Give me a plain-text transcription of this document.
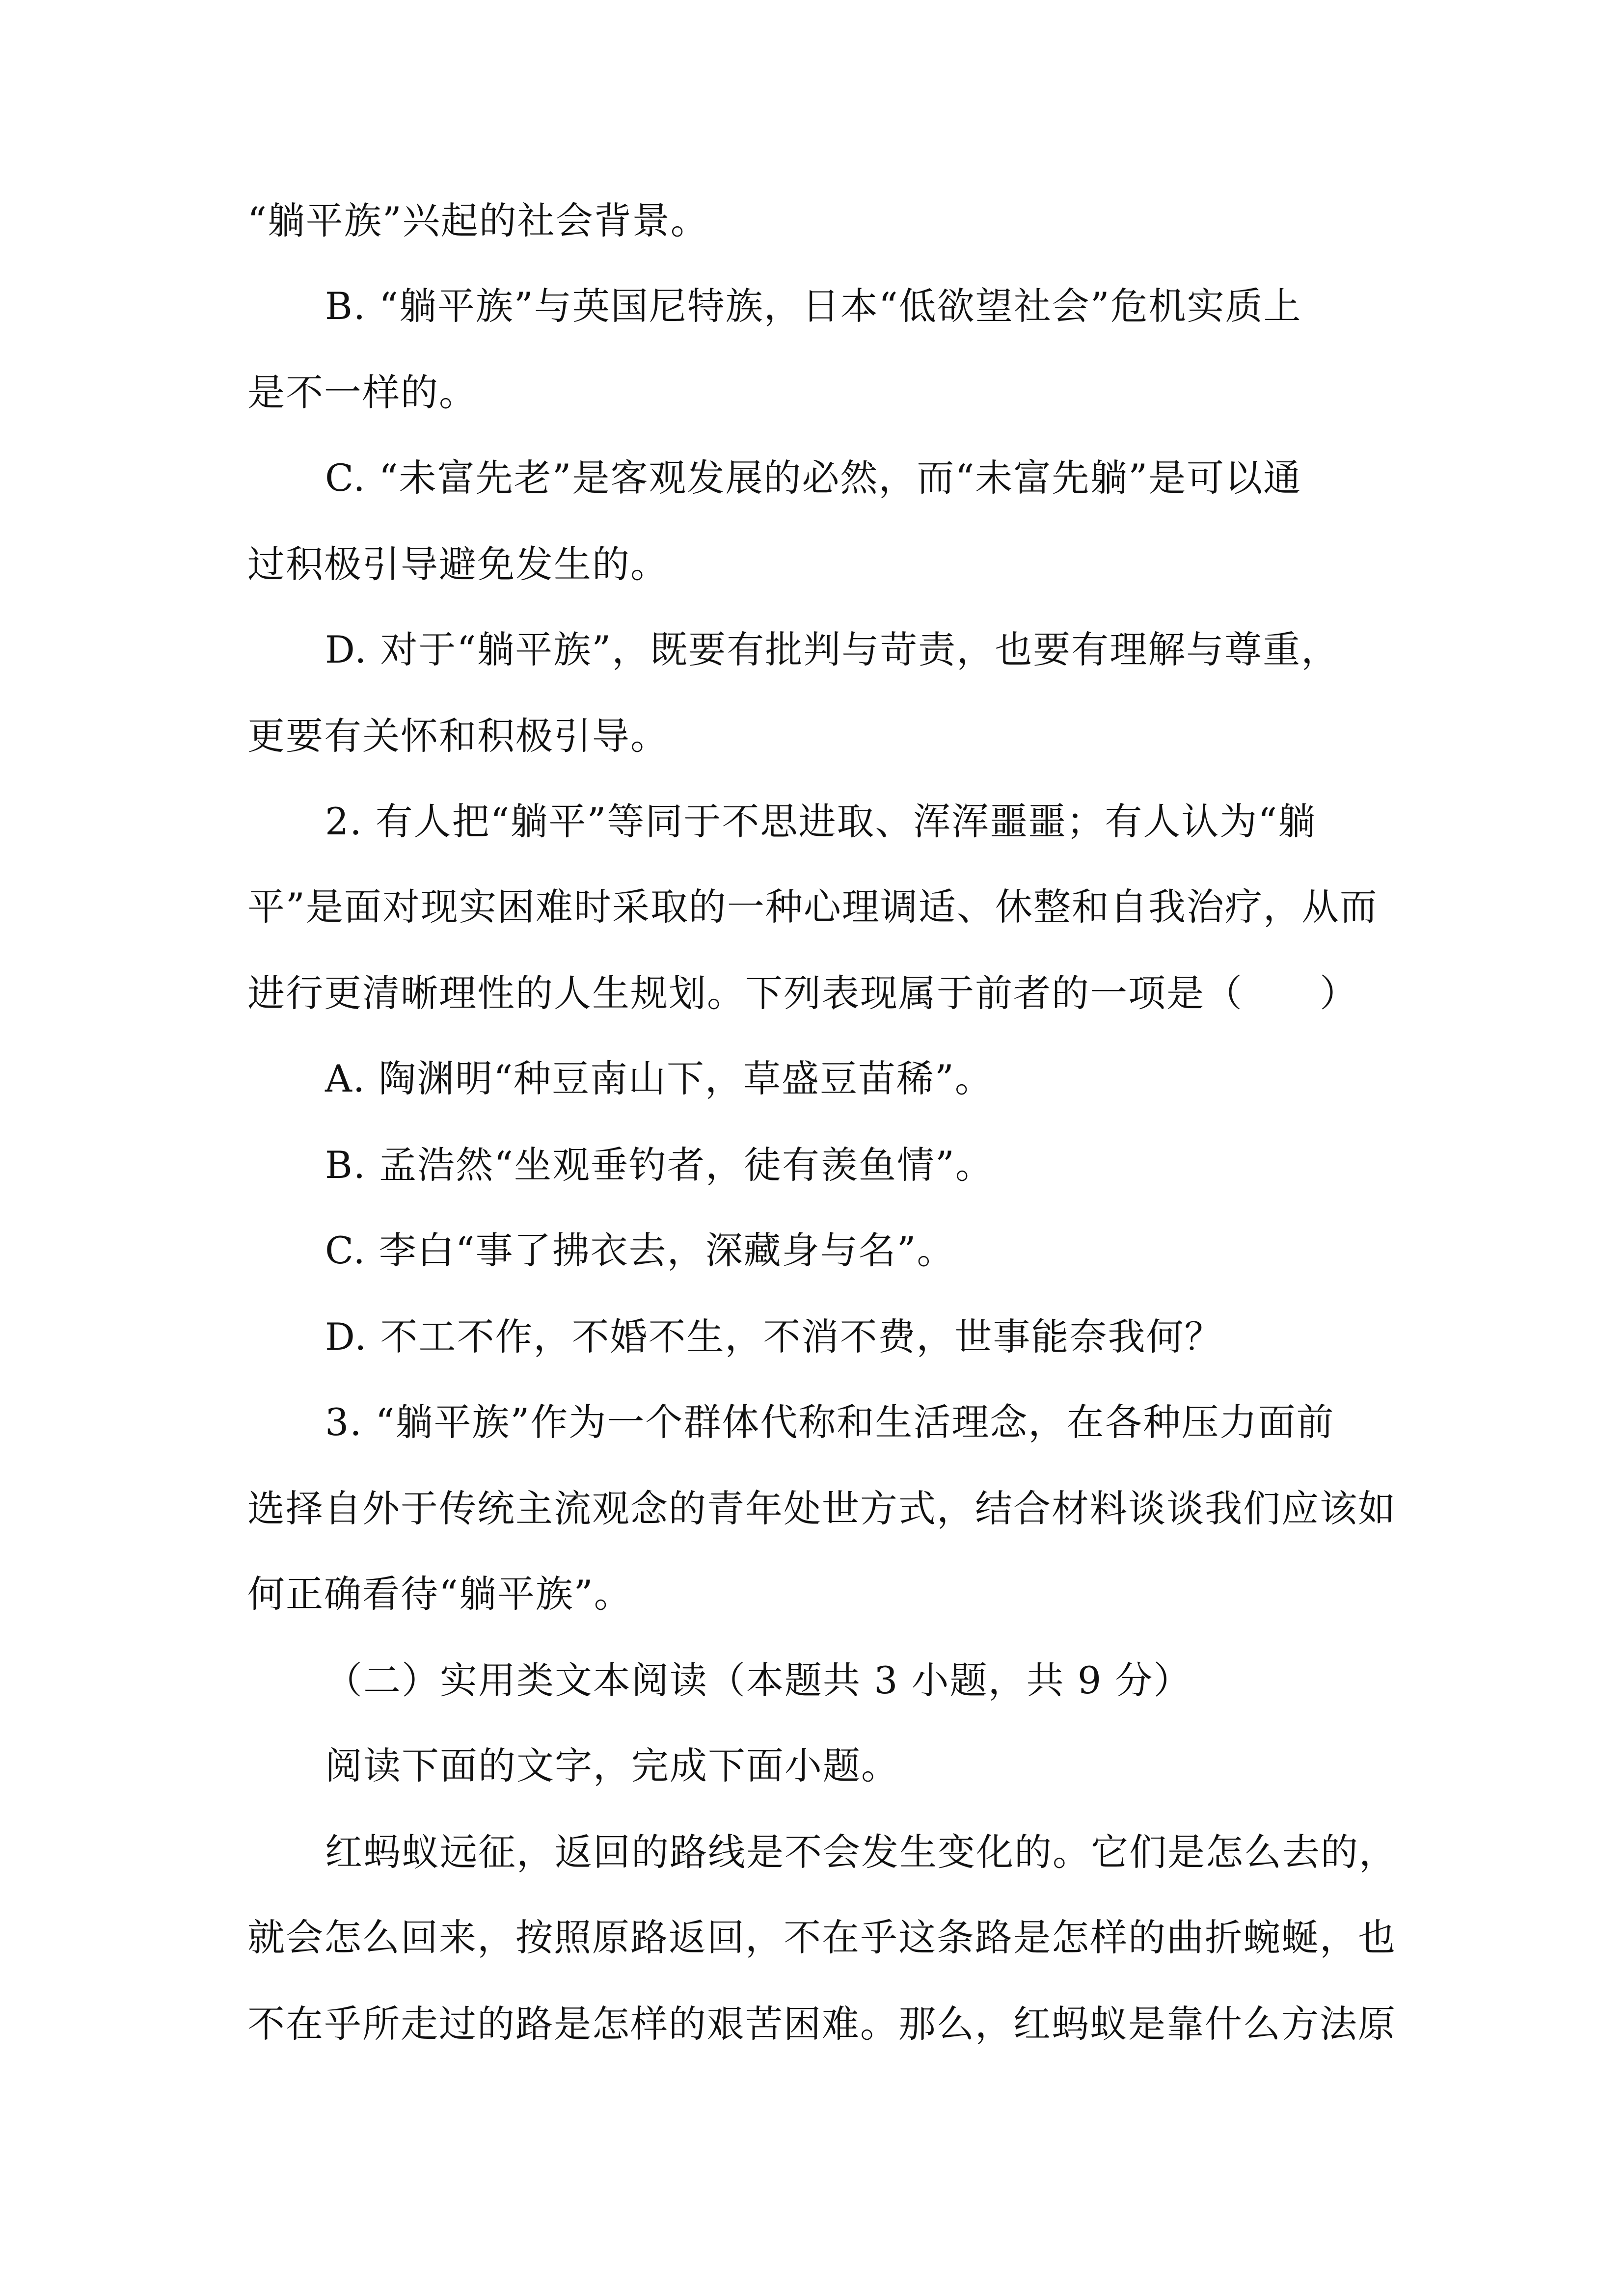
“躺平族”兴起的社会背景。

B. “躺平族”与英国尼特族，日本“低欲望社会”危机实质上

是不一样的。

C. “未富先老”是客观发展的必然，而“未富先躺”是可以通

过积极引导避免发生的。

D. 对于“躺平族”，既要有批判与苛责，也要有理解与尊重，

更要有关怀和积极引导。

2. 有人把“躺平”等同于不思进取、浑浑噩噩；有人认为“躺

平”是面对现实困难时采取的一种心理调适、休整和自我治疗，从而

进行更清晰理性的人生规划。下列表现属于前者的一项是（　　）

A. 陶渊明“种豆南山下，草盛豆苗稀”。

B. 孟浩然“坐观垂钓者，徒有羡鱼情”。

C. 李白“事了拂衣去，深藏身与名”。

D. 不工不作，不婚不生，不消不费，世事能奈我何？

3. “躺平族”作为一个群体代称和生活理念，在各种压力面前

选择自外于传统主流观念的青年处世方式，结合材料谈谈我们应该如

何正确看待“躺平族”。

（二）实用类文本阅读（本题共 3 小题，共 9 分）

阅读下面的文字，完成下面小题。

红蚂蚁远征，返回的路线是不会发生变化的。它们是怎么去的，

就会怎么回来，按照原路返回，不在乎这条路是怎样的曲折蜿蜒，也

不在乎所走过的路是怎样的艰苦困难。那么，红蚂蚁是靠什么方法原
